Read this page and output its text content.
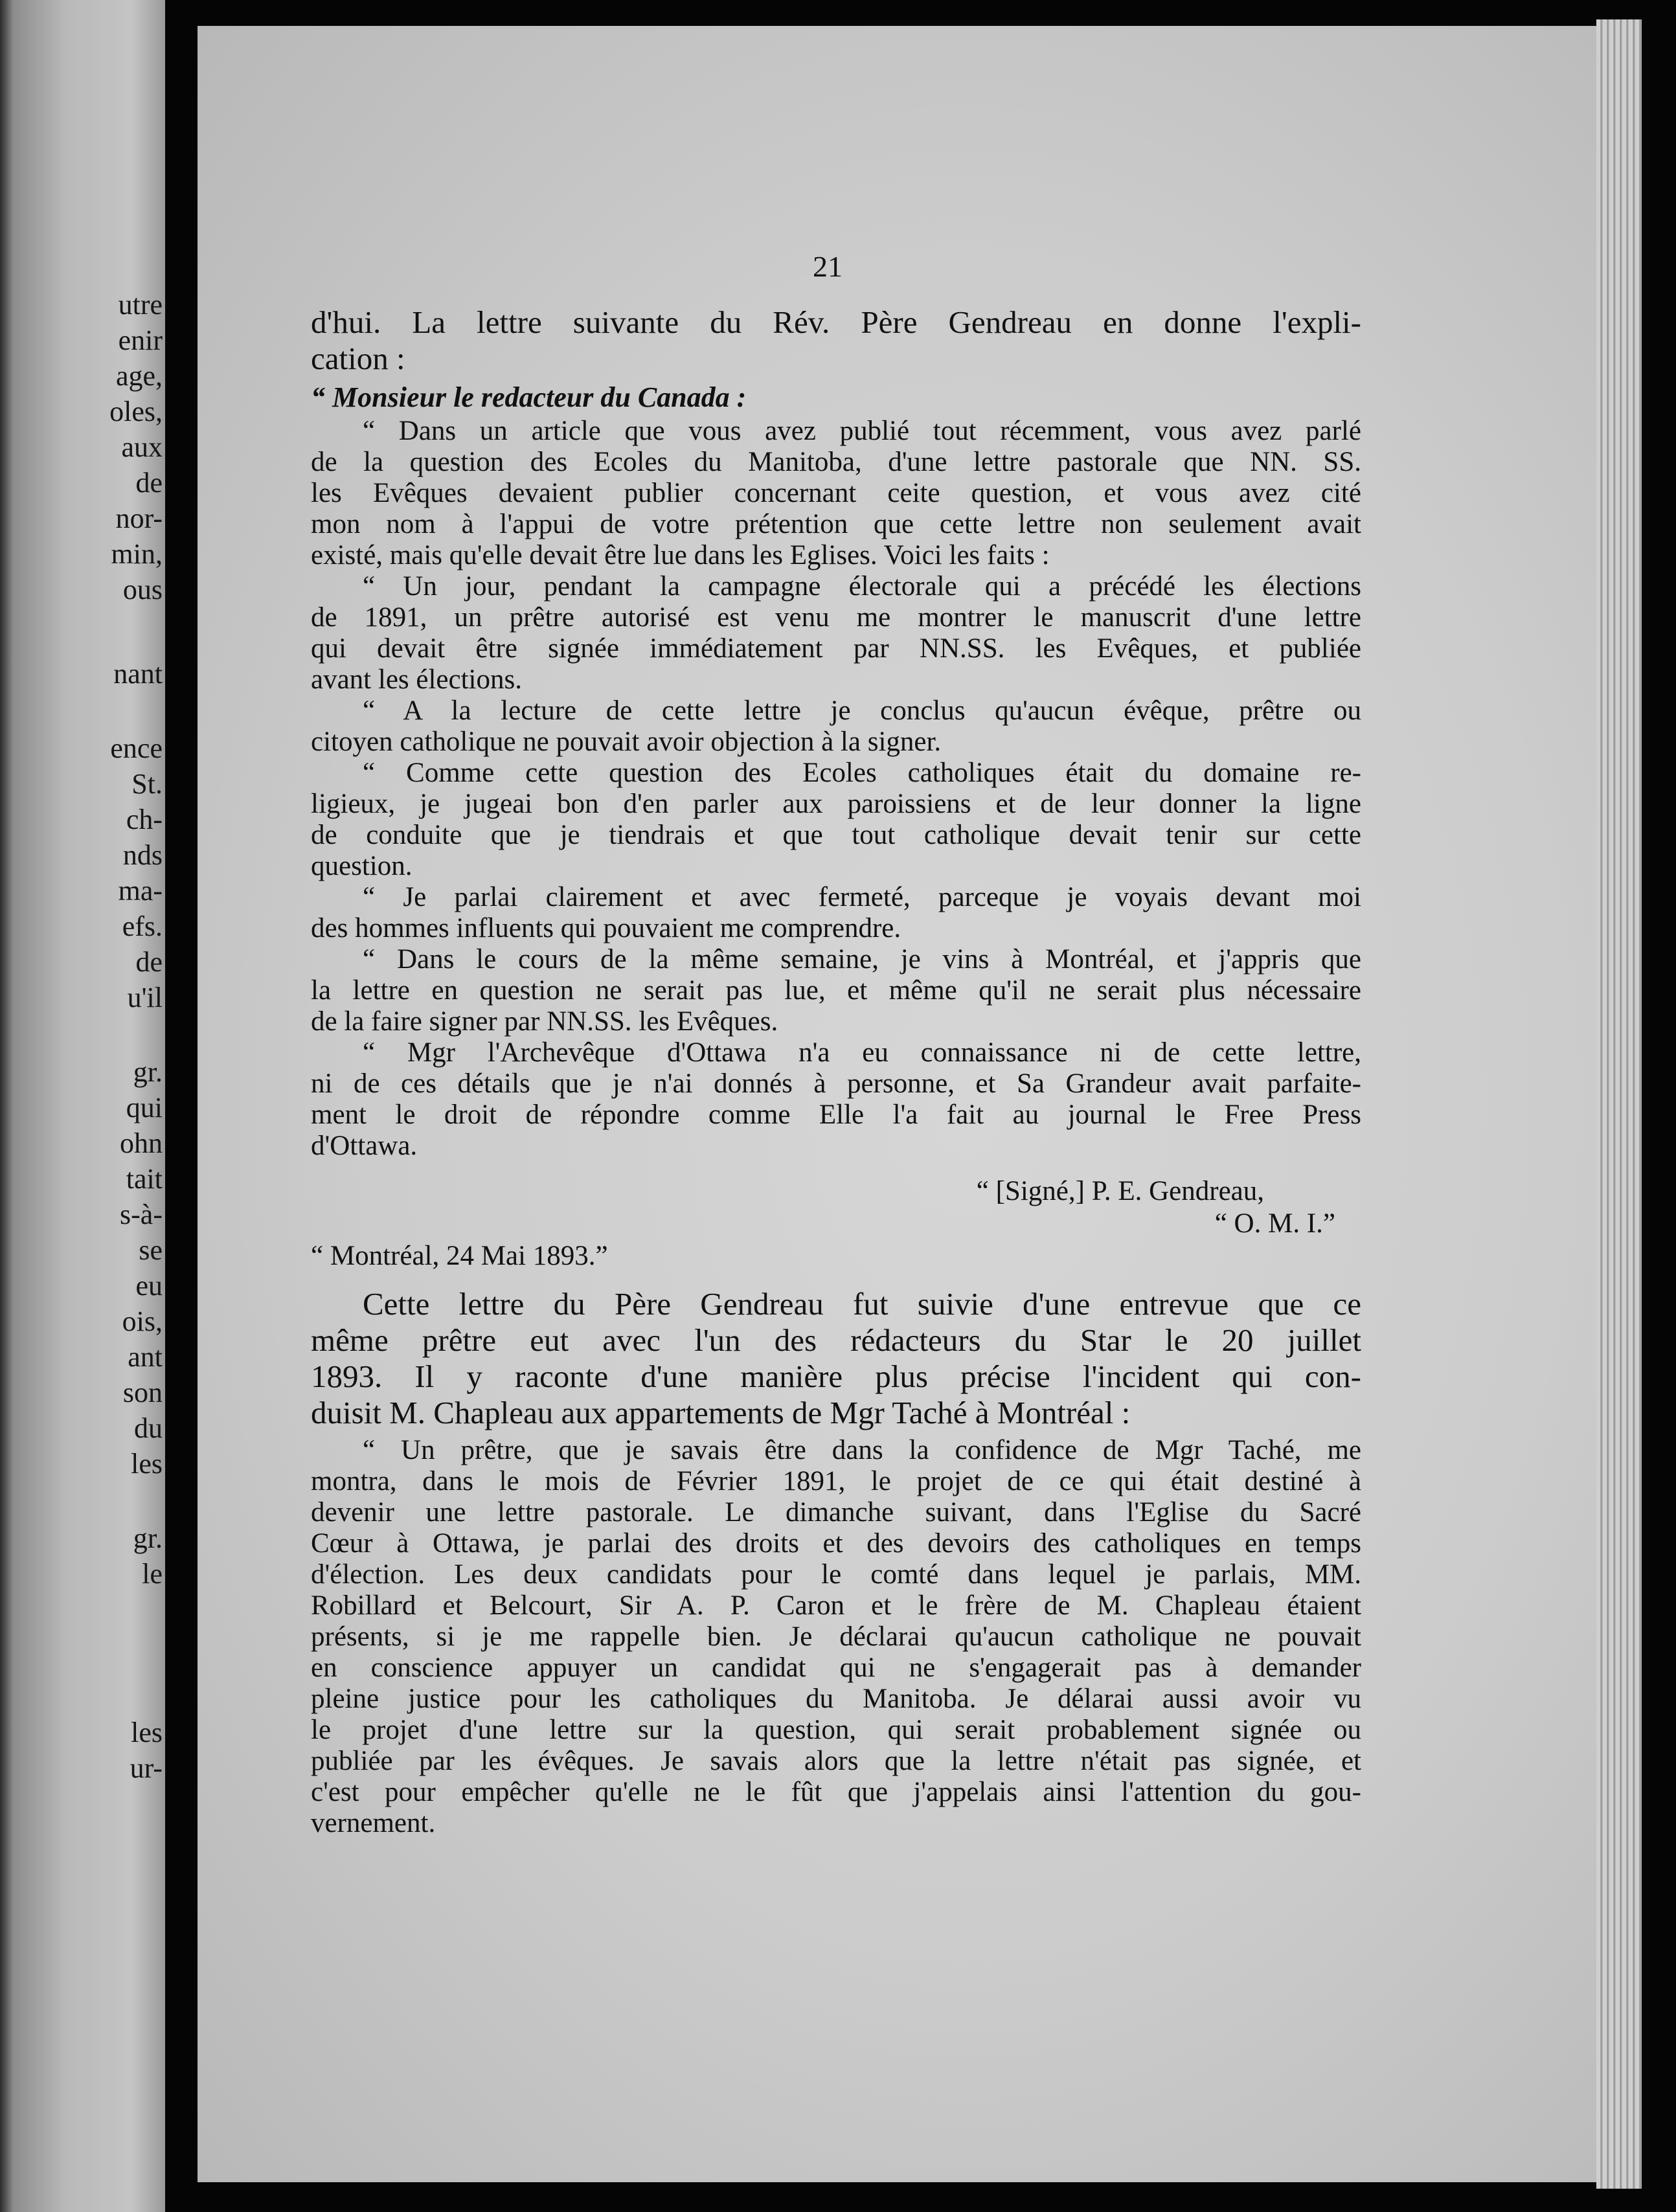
utre
enir
age,
oles,
aux
de
nor-
min,
ous
nant
ence
St.
ch-
nds
ma-
efs.
de
u'il
gr.
qui
ohn
tait
s-à-
se
eu
ois,
ant
son
du
les
gr.
le
les
ur-
21
d'hui. La lettre suivante du Rév. Père Gendreau en donne l'expli-
cation :
“ Monsieur le redacteur du Canada :
“ Dans un article que vous avez publié tout récemment, vous avez parlé
de la question des Ecoles du Manitoba, d'une lettre pastorale que NN. SS.
les Evêques devaient publier concernant ceite question, et vous avez cité
mon nom à l'appui de votre prétention que cette lettre non seulement avait
existé, mais qu'elle devait être lue dans les Eglises. Voici les faits :
“ Un jour, pendant la campagne électorale qui a précédé les élections
de 1891, un prêtre autorisé est venu me montrer le manuscrit d'une lettre
qui devait être signée immédiatement par NN.SS. les Evêques, et publiée
avant les élections.
“ A la lecture de cette lettre je conclus qu'aucun évêque, prêtre ou
citoyen catholique ne pouvait avoir objection à la signer.
“ Comme cette question des Ecoles catholiques était du domaine re-
ligieux, je jugeai bon d'en parler aux paroissiens et de leur donner la ligne
de conduite que je tiendrais et que tout catholique devait tenir sur cette
question.
“ Je parlai clairement et avec fermeté, parceque je voyais devant moi
des hommes influents qui pouvaient me comprendre.
“ Dans le cours de la même semaine, je vins à Montréal, et j'appris que
la lettre en question ne serait pas lue, et même qu'il ne serait plus nécessaire
de la faire signer par NN.SS. les Evêques.
“ Mgr l'Archevêque d'Ottawa n'a eu connaissance ni de cette lettre,
ni de ces détails que je n'ai donnés à personne, et Sa Grandeur avait parfaite-
ment le droit de répondre comme Elle l'a fait au journal le Free Press
d'Ottawa.
“ [Signé,] P. E. Gendreau,
“ O. M. I.”
“ Montréal, 24 Mai 1893.”
Cette lettre du Père Gendreau fut suivie d'une entrevue que ce
même prêtre eut avec l'un des rédacteurs du Star le 20 juillet
1893. Il y raconte d'une manière plus précise l'incident qui con-
duisit M. Chapleau aux appartements de Mgr Taché à Montréal :
“ Un prêtre, que je savais être dans la confidence de Mgr Taché, me
montra, dans le mois de Février 1891, le projet de ce qui était destiné à
devenir une lettre pastorale. Le dimanche suivant, dans l'Eglise du Sacré
Cœur à Ottawa, je parlai des droits et des devoirs des catholiques en temps
d'élection. Les deux candidats pour le comté dans lequel je parlais, MM.
Robillard et Belcourt, Sir A. P. Caron et le frère de M. Chapleau étaient
présents, si je me rappelle bien. Je déclarai qu'aucun catholique ne pouvait
en conscience appuyer un candidat qui ne s'engagerait pas à demander
pleine justice pour les catholiques du Manitoba. Je délarai aussi avoir vu
le projet d'une lettre sur la question, qui serait probablement signée ou
publiée par les évêques. Je savais alors que la lettre n'était pas signée, et
c'est pour empêcher qu'elle ne le fût que j'appelais ainsi l'attention du gou-
vernement.
